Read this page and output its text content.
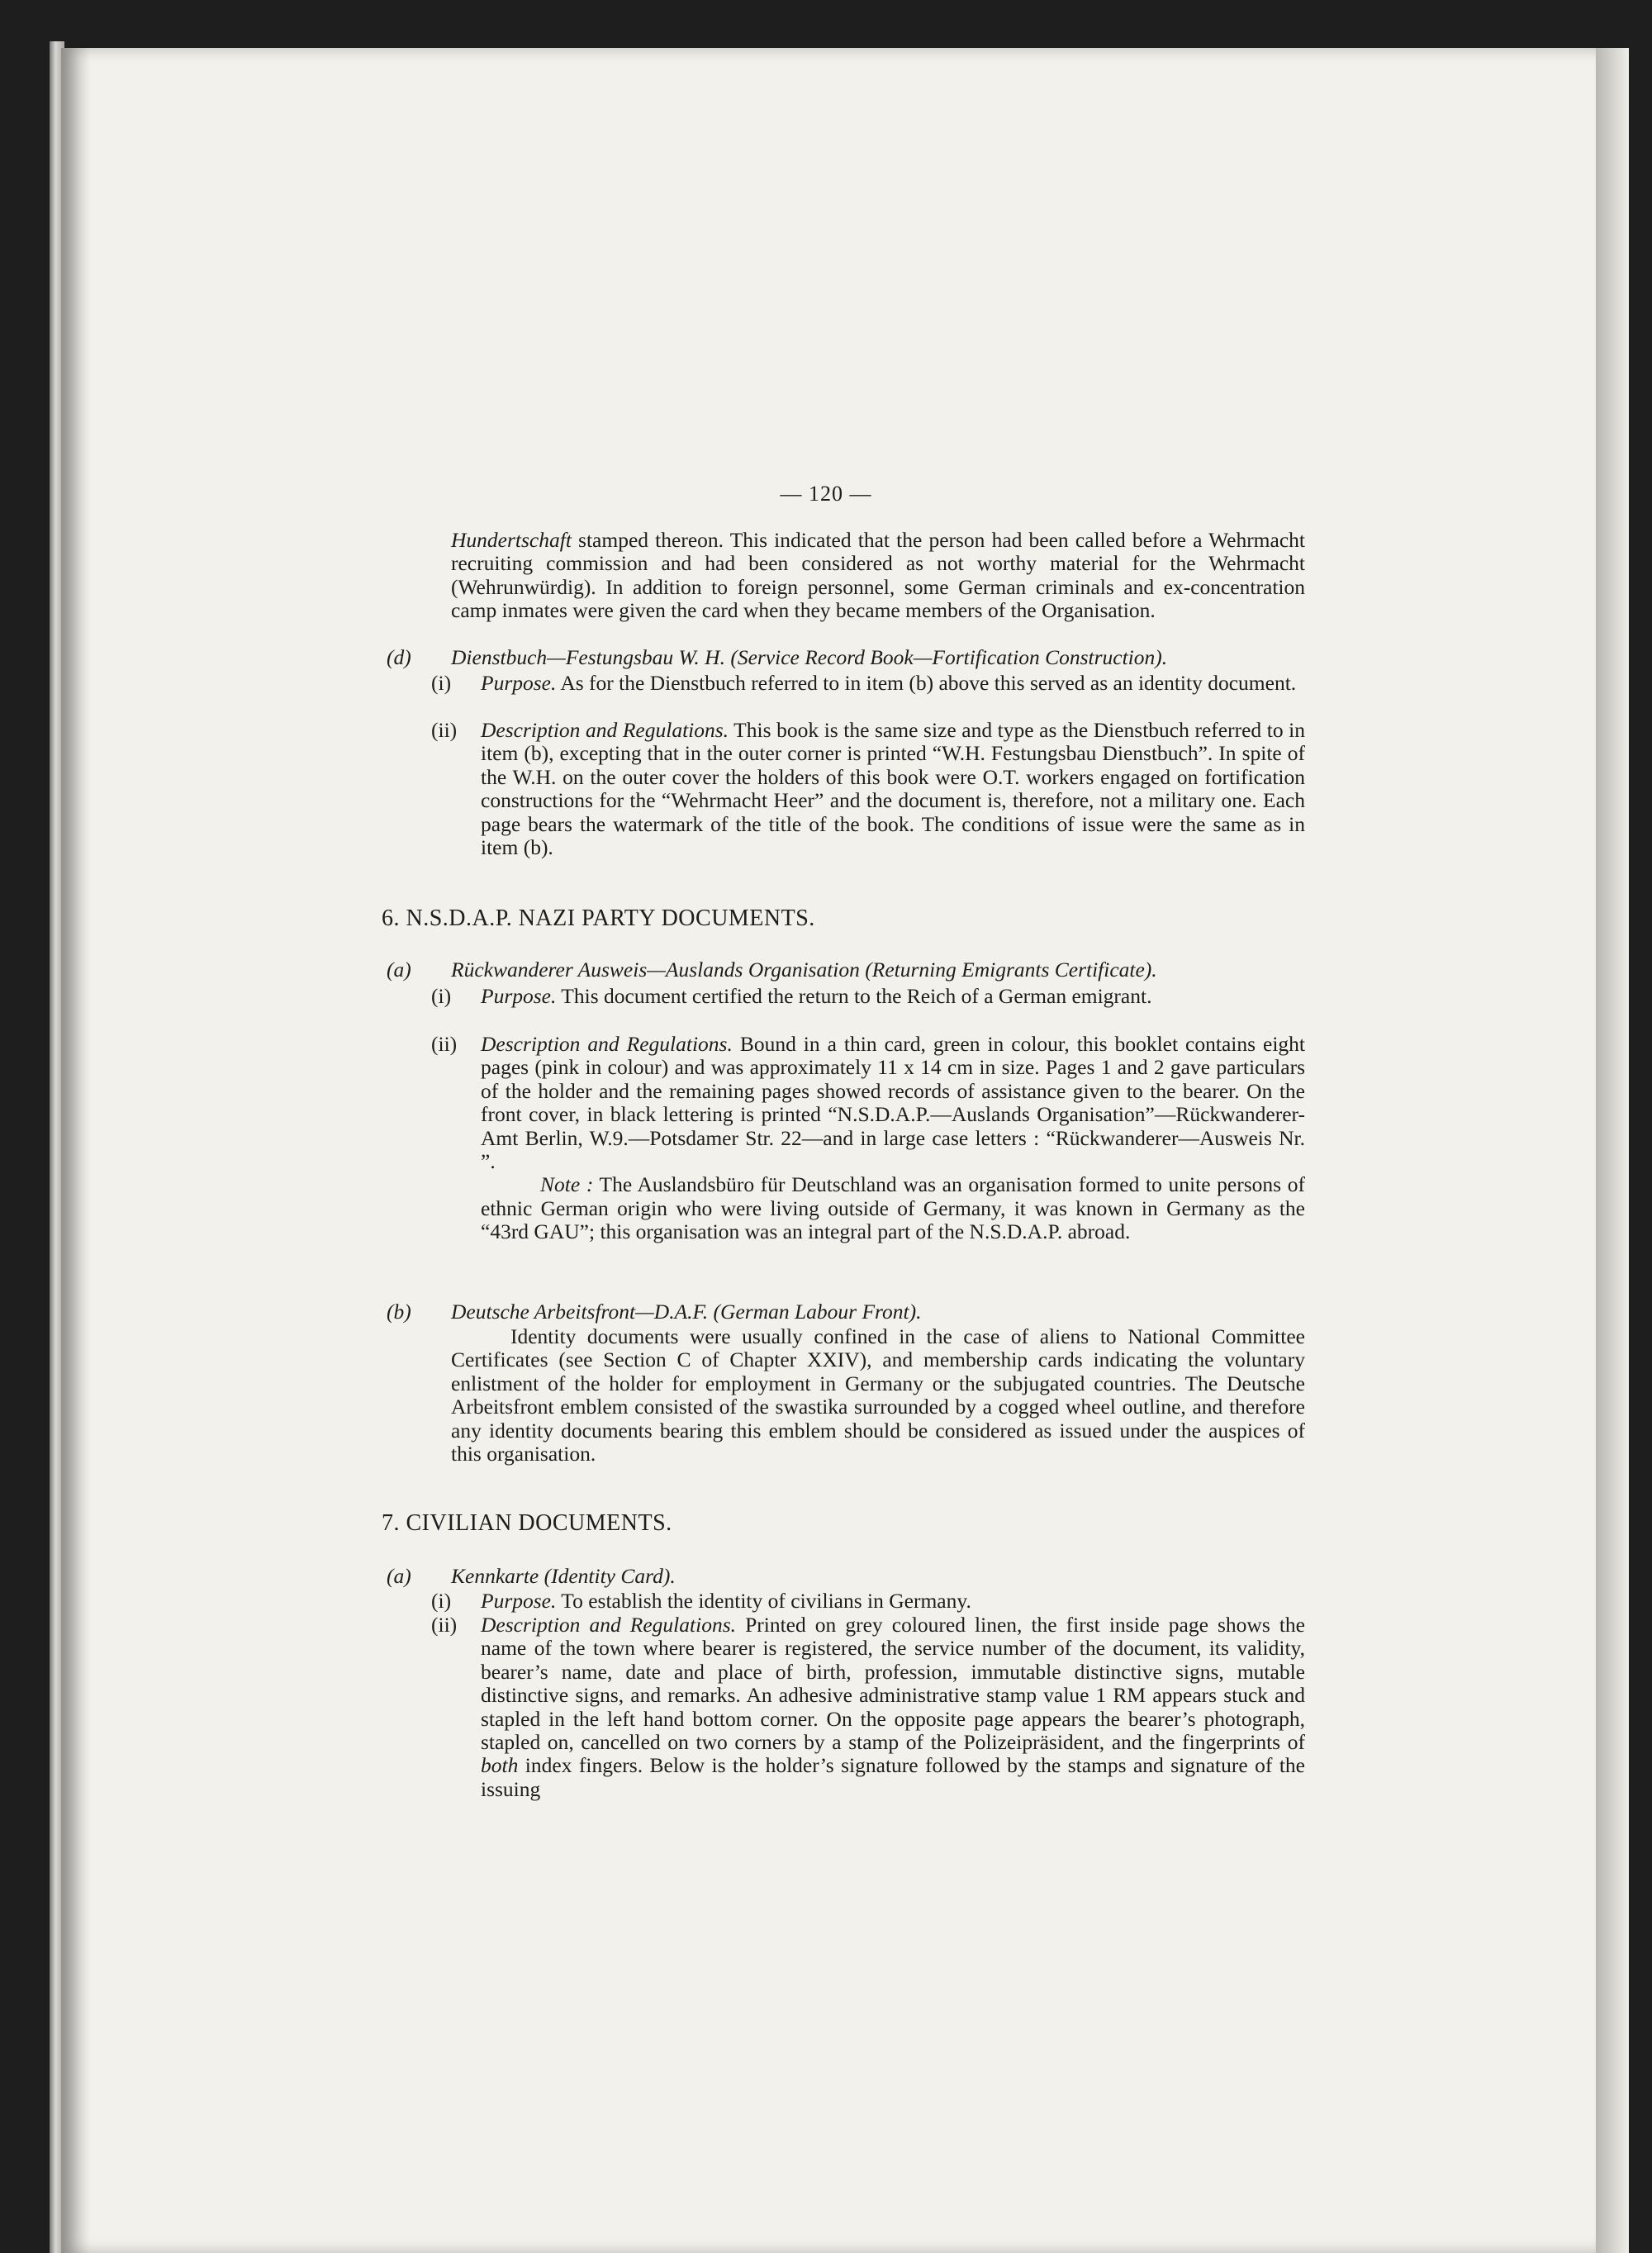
— 120 —

Hundertschaft stamped thereon. This indicated that the person had been called before a Wehrmacht recruiting commission and had been considered as not worthy material for the Wehrmacht (Wehrunwürdig). In addition to foreign personnel, some German criminals and ex-concentration camp inmates were given the card when they became members of the Organisation.

(d) Dienstbuch—Festungsbau W. H. (Service Record Book—Fortification Construction).
(i) Purpose. As for the Dienstbuch referred to in item (b) above this served as an identity document.

(ii)	Description and Regulations. This book is the same size and type as the Dienstbuch referred to in item (b), excepting that in the outer corner is printed “W.H. Festungsbau Dienstbuch”. In spite of the W.H. on the outer cover the holders of this book were O.T. workers engaged on fortification constructions for the “Wehrmacht Heer” and the document is, therefore, not a military one. Each page bears the watermark of the title of the book. The conditions of issue were the same as in item (b).

6. N.S.D.A.P. NAZI PARTY DOCUMENTS.
(a) Rückwanderer Ausweis—Auslands Organisation (Returning Emigrants Certificate).
(i) Purpose. This document certified the return to the Reich of a German emigrant.

(ii)	Description and Regulations. Bound in a thin card, green in colour, this booklet contains eight pages (pink in colour) and was approximately 11 x 14 cm in size. Pages 1 and 2 gave particulars of the holder and the remaining pages showed records of assistance given to the bearer. On the front cover, in black lettering is printed “N.S.D.A.P.—Auslands Organisation”—Rückwanderer-Amt Berlin, W.9.—Potsdamer Str. 22—and in large case letters : “Rückwanderer—Ausweis Nr. ”.

Note : The Auslandsbüro für Deutschland was an organisation formed to unite persons of ethnic German origin who were living outside of Germany, it was known in Germany as the “43rd GAU”; this organisation was an integral part of the N.S.D.A.P. abroad.

(b) Deutsche Arbeitsfront—D.A.F. (German Labour Front).

Identity documents were usually confined in the case of aliens to National Committee Certificates (see Section C of Chapter XXIV), and membership cards indicating the voluntary enlistment of the holder for employment in Germany or the subjugated countries. The Deutsche Arbeitsfront emblem consisted of the swastika surrounded by a cogged wheel outline, and therefore any identity documents bearing this emblem should be considered as issued under the auspices of this organisation.

7. CIVILIAN DOCUMENTS.
(a) Kennkarte (Identity Card).
(i) Purpose. To establish the identity of civilians in Germany.

(ii)	Description and Regulations. Printed on grey coloured linen, the first inside page shows the name of the town where bearer is registered, the service number of the document, its validity, bearer’s name, date and place of birth, profession, immutable distinctive signs, mutable distinctive signs, and remarks. An adhesive administrative stamp value 1 RM appears stuck and stapled in the left hand bottom corner. On the opposite page appears the bearer’s photograph, stapled on, cancelled on two corners by a stamp of the Polizeipräsident, and the fingerprints of both index fingers. Below is the holder’s signature followed by the stamps and signature of the issuing
